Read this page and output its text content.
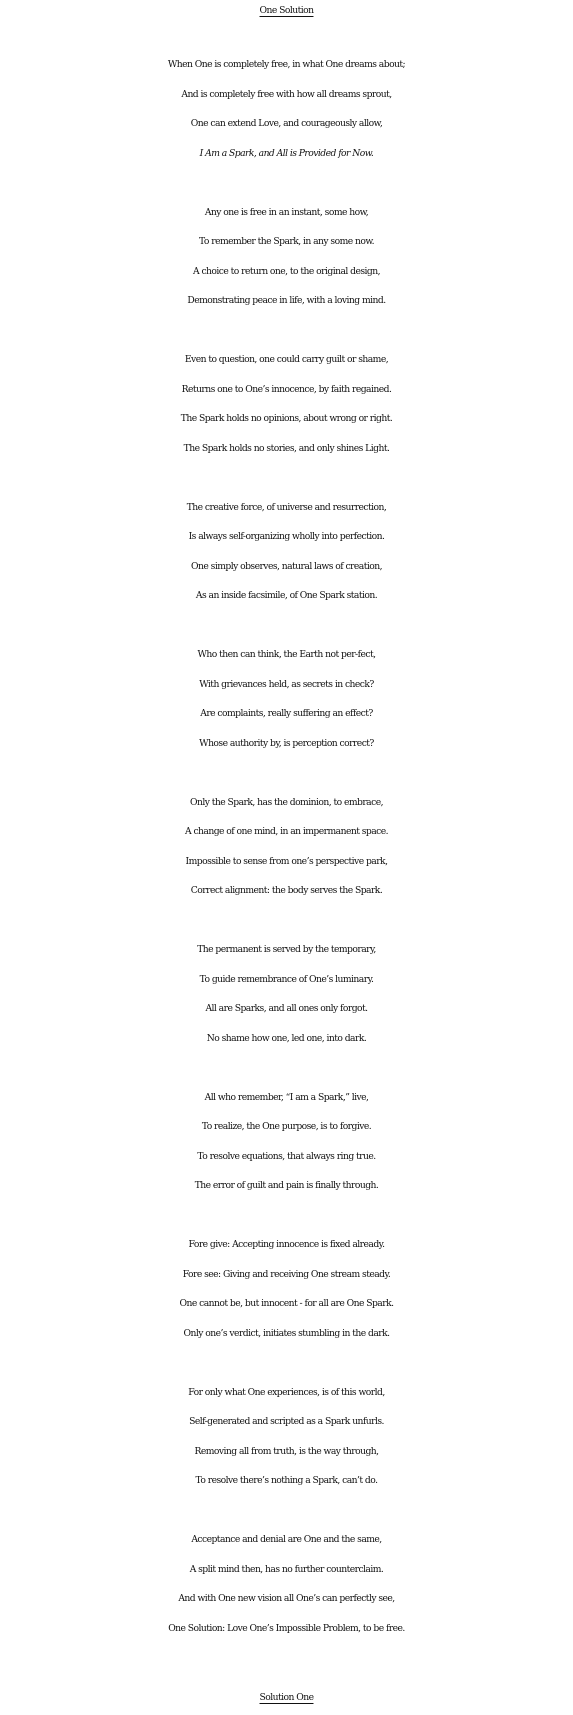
One Solution
When One is completely free, in what One dreams about;
And is completely free with how all dreams sprout,
One can extend Love, and courageously allow,
I Am a Spark, and All is Provided for Now.
Any one is free in an instant, some how,
To remember the Spark, in any some now.
A choice to return one, to the original design,
Demonstrating peace in life, with a loving mind.
Even to question, one could carry guilt or shame,
Returns one to One’s innocence, by faith regained.
The Spark holds no opinions, about wrong or right.
The Spark holds no stories, and only shines Light.
The creative force, of universe and resurrection,
Is always self-organizing wholly into perfection.
One simply observes, natural laws of creation,
As an inside facsimile, of One Spark station.
Who then can think, the Earth not per-fect,
With grievances held, as secrets in check?
Are complaints, really suffering an effect?
Whose authority by, is perception correct?
Only the Spark, has the dominion, to embrace,
A change of one mind, in an impermanent space.
Impossible to sense from one’s perspective park,
Correct alignment: the body serves the Spark.
The permanent is served by the temporary,
To guide remembrance of One’s luminary.
All are Sparks, and all ones only forgot.
No shame how one, led one, into dark.
All who remember, “I am a Spark,” live,
To realize, the One purpose, is to forgive.
To resolve equations, that always ring true.
The error of guilt and pain is finally through.
Fore give: Accepting innocence is fixed already.
Fore see: Giving and receiving One stream steady.
One cannot be, but innocent - for all are One Spark.
Only one’s verdict, initiates stumbling in the dark.
For only what One experiences, is of this world,
Self-generated and scripted as a Spark unfurls.
Removing all from truth, is the way through,
To resolve there’s nothing a Spark, can’t do.
Acceptance and denial are One and the same,
A split mind then, has no further counterclaim.
And with One new vision all One’s can perfectly see,
One Solution: Love One’s Impossible Problem, to be free.
Solution One
